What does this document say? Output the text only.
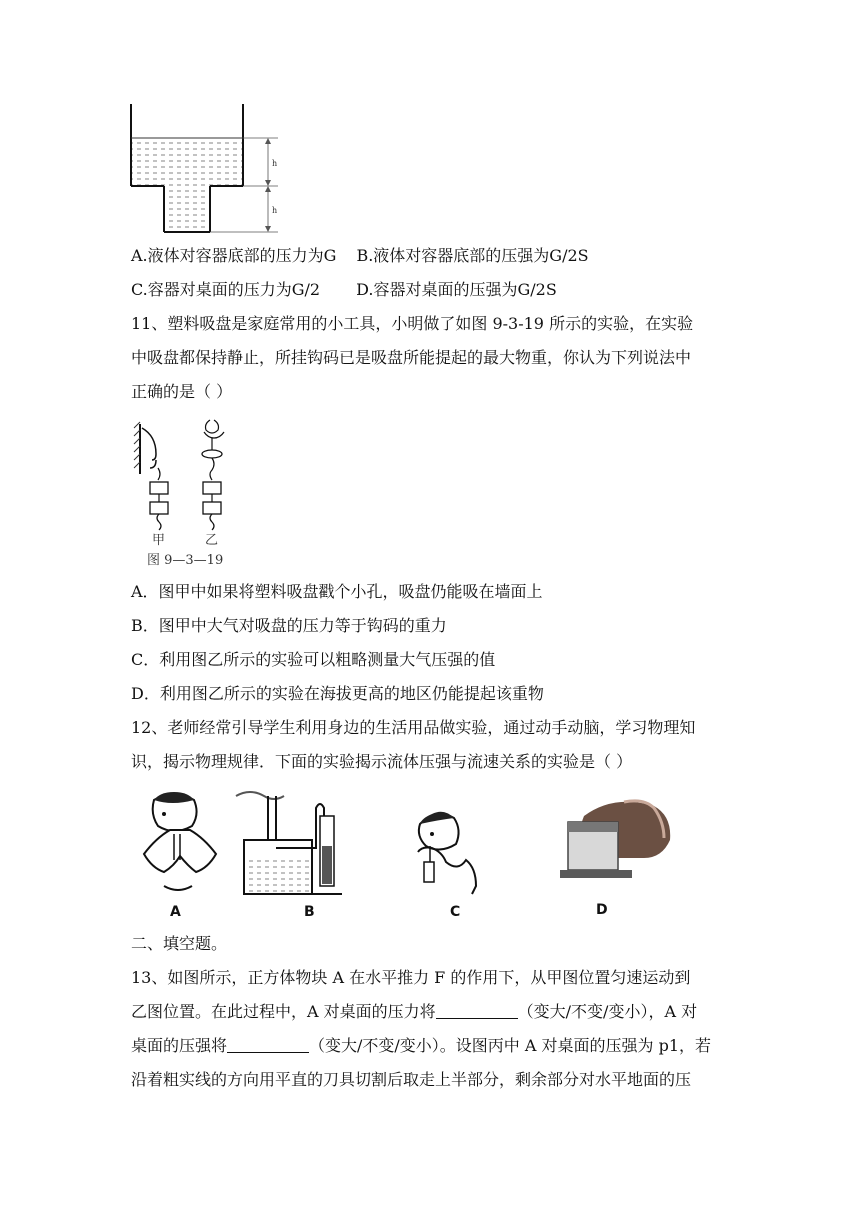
h
h
A.液体对容器底部的压力为G B.液体对容器底部的压强为G/2S
C.容器对桌面的压力为G/2 D.容器对桌面的压强为G/2S
11、塑料吸盘是家庭常用的小工具，小明做了如图 9-3-19 所示的实验，在实验
中吸盘都保持静止，所挂钩码已是吸盘所能提起的最大物重，你认为下列说法中
正确的是（ ）
甲	乙
图 9—3—19
A．图甲中如果将塑料吸盘戳个小孔，吸盘仍能吸在墙面上
B．图甲中大气对吸盘的压力等于钩码的重力
C．利用图乙所示的实验可以粗略测量大气压强的值
D．利用图乙所示的实验在海拔更高的地区仍能提起该重物
12、老师经常引导学生利用身边的生活用品做实验，通过动手动脑，学习物理知
识，揭示物理规律．下面的实验揭示流体压强与流速关系的实验是（ ）
A	B	C	D
二、填空题。
13、如图所示，正方体物块 A 在水平推力 F 的作用下，从甲图位置匀速运动到
乙图位置。在此过程中，A 对桌面的压力将	（变大/不变/变小），A 对
桌面的压强将	（变大/不变/变小）。设图丙中 A 对桌面的压强为 p1，若
沿着粗实线的方向用平直的刀具切割后取走上半部分，剩余部分对水平地面的压
